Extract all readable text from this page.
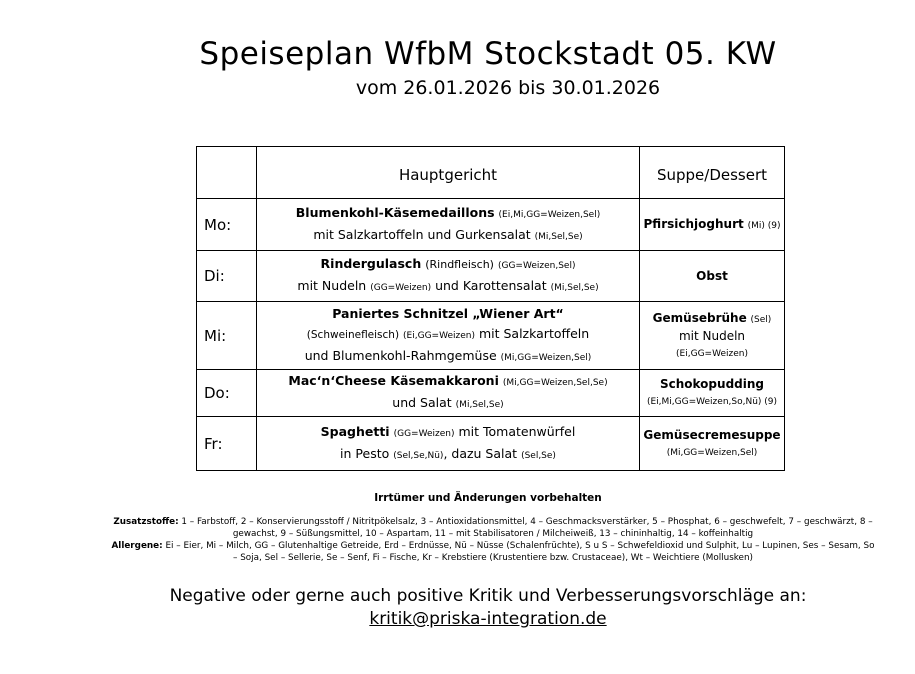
Speiseplan WfbM Stockstadt 05. KW
vom 26.01.2026 bis 30.01.2026
	Hauptgericht	Suppe/Dessert
Mo:	Blumenkohl-Käsemedaillons (Ei,Mi,GG=Weizen,Sel)
mit Salzkartoffeln und Gurkensalat (Mi,Sel,Se)	Pfirsichjoghurt (Mi) (9)
Di:	Rindergulasch (Rindfleisch) (GG=Weizen,Sel)
mit Nudeln (GG=Weizen) und Karottensalat (Mi,Sel,Se)	Obst
Mi:	Paniertes Schnitzel „Wiener Art“
(Schweinefleisch) (Ei,GG=Weizen) mit Salzkartoffeln
und Blumenkohl-Rahmgemüse (Mi,GG=Weizen,Sel)	Gemüsebrühe (Sel)
mit Nudeln
(Ei,GG=Weizen)
Do:	Mac‘n‘Cheese Käsemakkaroni (Mi,GG=Weizen,Sel,Se)
und Salat (Mi,Sel,Se)	Schokopudding
(Ei,Mi,GG=Weizen,So,Nü) (9)
Fr:	Spaghetti (GG=Weizen) mit Tomatenwürfel
in Pesto (Sel,Se,Nü), dazu Salat (Sel,Se)	Gemüsecremesuppe
(Mi,GG=Weizen,Sel)
Irrtümer und Änderungen vorbehalten
Zusatzstoffe: 1 – Farbstoff, 2 – Konservierungsstoff / Nitritpökelsalz, 3 – Antioxidationsmittel, 4 – Geschmacksverstärker, 5 – Phosphat, 6 – geschwefelt, 7 – geschwärzt, 8 – gewachst, 9 – Süßungsmittel, 10 – Aspartam, 11 – mit Stabilisatoren / Milcheiweiß, 13 – chininhaltig, 14 – koffeinhaltig
Allergene: Ei – Eier, Mi – Milch, GG – Glutenhaltige Getreide, Erd – Erdnüsse, Nü – Nüsse (Schalenfrüchte), S u S – Schwefeldioxid und Sulphit, Lu – Lupinen, Ses – Sesam, So – Soja, Sel – Sellerie, Se – Senf, Fi – Fische, Kr – Krebstiere (Krustentiere bzw. Crustaceae), Wt – Weichtiere (Mollusken)
Negative oder gerne auch positive Kritik und Verbesserungsvorschläge an:
kritik@priska-integration.de
